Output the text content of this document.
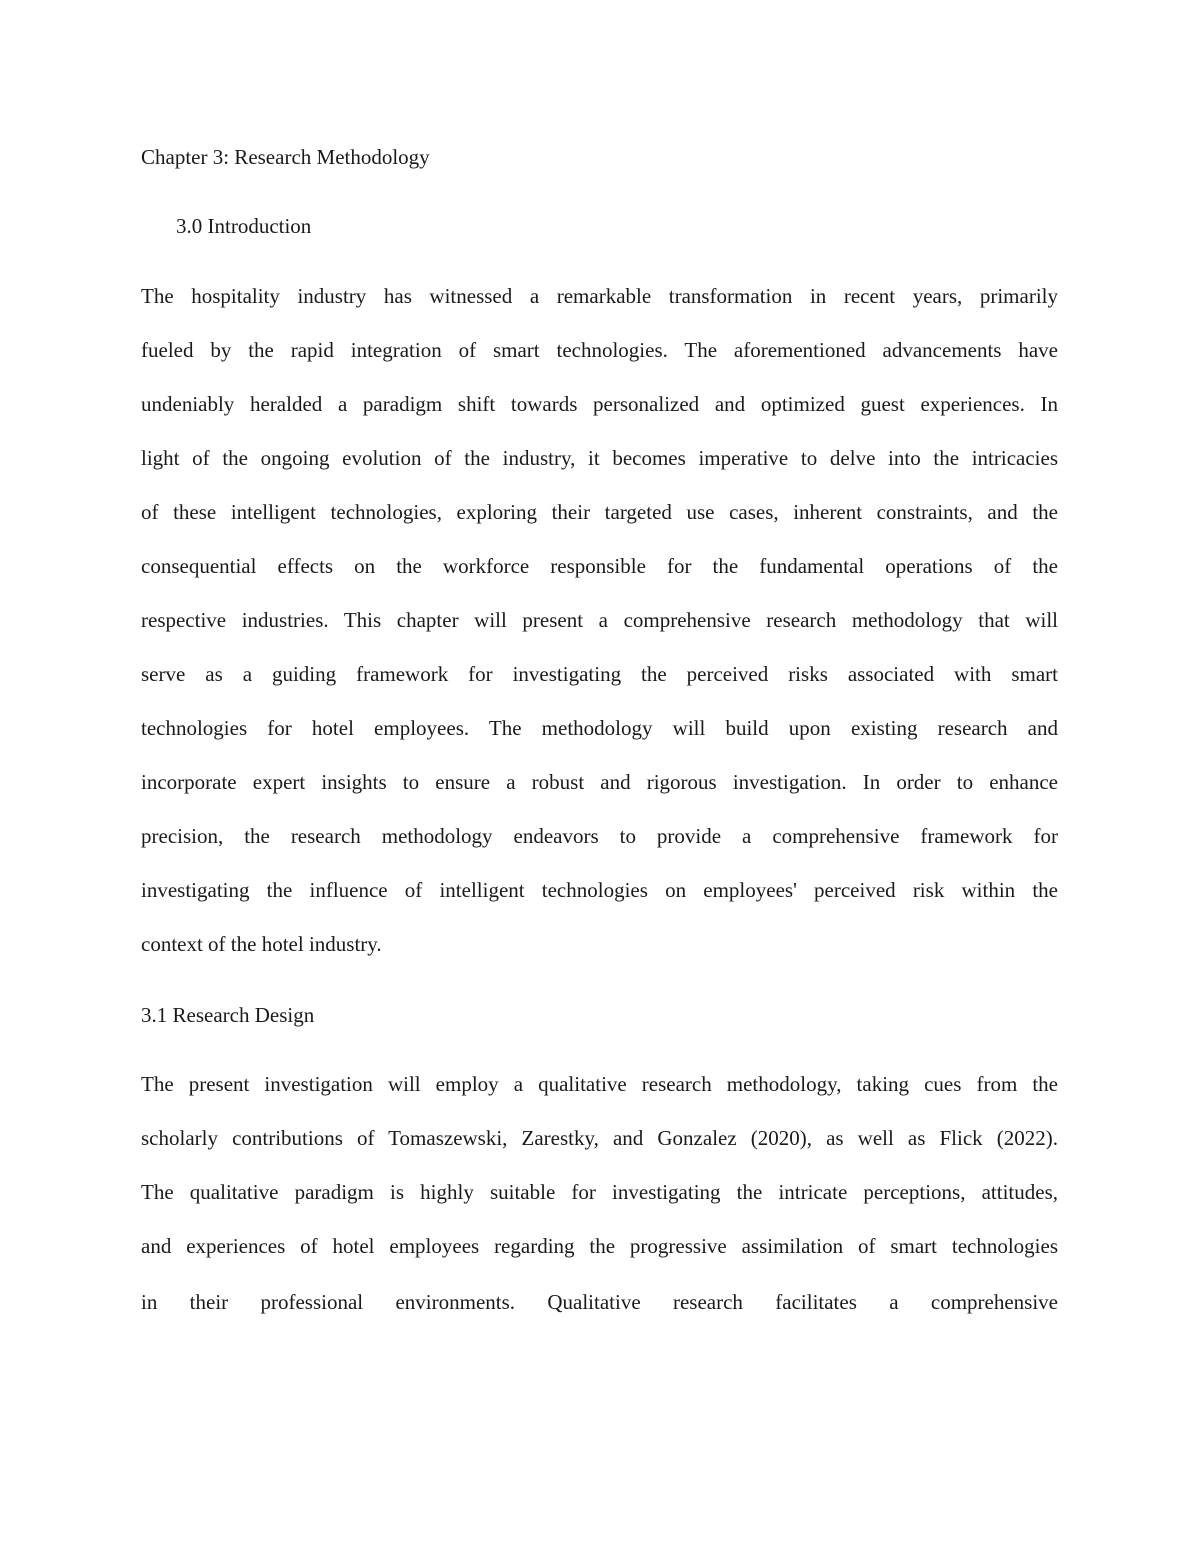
Chapter 3: Research Methodology
3.0 Introduction
The hospitality industry has witnessed a remarkable transformation in recent years, primarily
fueled by the rapid integration of smart technologies. The aforementioned advancements have
undeniably heralded a paradigm shift towards personalized and optimized guest experiences. In
light of the ongoing evolution of the industry, it becomes imperative to delve into the intricacies
of these intelligent technologies, exploring their targeted use cases, inherent constraints, and the
consequential effects on the workforce responsible for the fundamental operations of the
respective industries. This chapter will present a comprehensive research methodology that will
serve as a guiding framework for investigating the perceived risks associated with smart
technologies for hotel employees. The methodology will build upon existing research and
incorporate expert insights to ensure a robust and rigorous investigation. In order to enhance
precision, the research methodology endeavors to provide a comprehensive framework for
investigating the influence of intelligent technologies on employees' perceived risk within the
context of the hotel industry.
3.1 Research Design
The present investigation will employ a qualitative research methodology, taking cues from the
scholarly contributions of Tomaszewski, Zarestky, and Gonzalez (2020), as well as Flick (2022).
The qualitative paradigm is highly suitable for investigating the intricate perceptions, attitudes,
and experiences of hotel employees regarding the progressive assimilation of smart technologies
in their professional environments. Qualitative research facilitates a comprehensive
